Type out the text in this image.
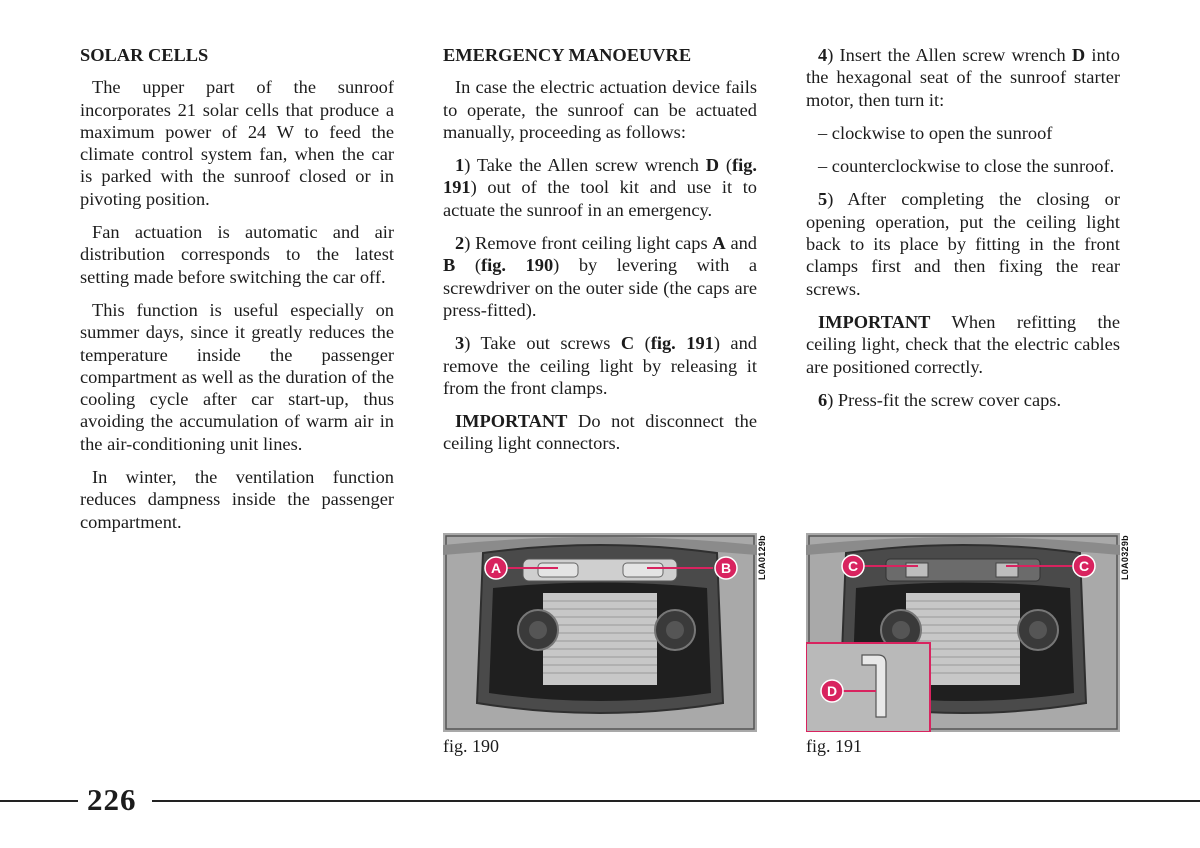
SOLAR CELLS

The upper part of the sunroof incorporates 21 solar cells that produce a maximum power of 24 W to feed the climate control system fan, when the car is parked with the sunroof closed or in pivoting position.

Fan actuation is automatic and air distribution corresponds to the latest setting made before switching the car off.

This function is useful especially on summer days, since it greatly reduces the temperature inside the passenger compartment as well as the duration of the cooling cycle after car start-up, thus avoiding the accumulation of warm air in the air-conditioning unit lines.

In winter, the ventilation function reduces dampness inside the passenger compartment.

EMERGENCY MANOEUVRE

In case the electric actuation device fails to operate, the sunroof can be actuated manually, proceeding as follows:

1) Take the Allen screw wrench D (fig. 191) out of the tool kit and use it to actuate the sunroof in an emergency.

2) Remove front ceiling light caps A and B (fig. 190) by levering with a screwdriver on the outer side (the caps are press-fitted).

3) Take out screws C (fig. 191) and remove the ceiling light by releasing it from the front clamps.

IMPORTANT Do not disconnect the ceiling light connectors.

4) Insert the Allen screw wrench D into the hexagonal seat of the sunroof starter motor, then turn it:

– clockwise to open the sunroof

– counterclockwise to close the sunroof.

5) After completing the closing or opening operation, put the ceiling light back to its place by fitting in the front clamps first and then fixing the rear screws.

IMPORTANT When refitting the ceiling light, check that the electric cables are positioned correctly.

6) Press-fit the screw cover caps.

A	B	L0A0129b
fig. 190
C	C
D
L0A0329b
fig. 191
226
